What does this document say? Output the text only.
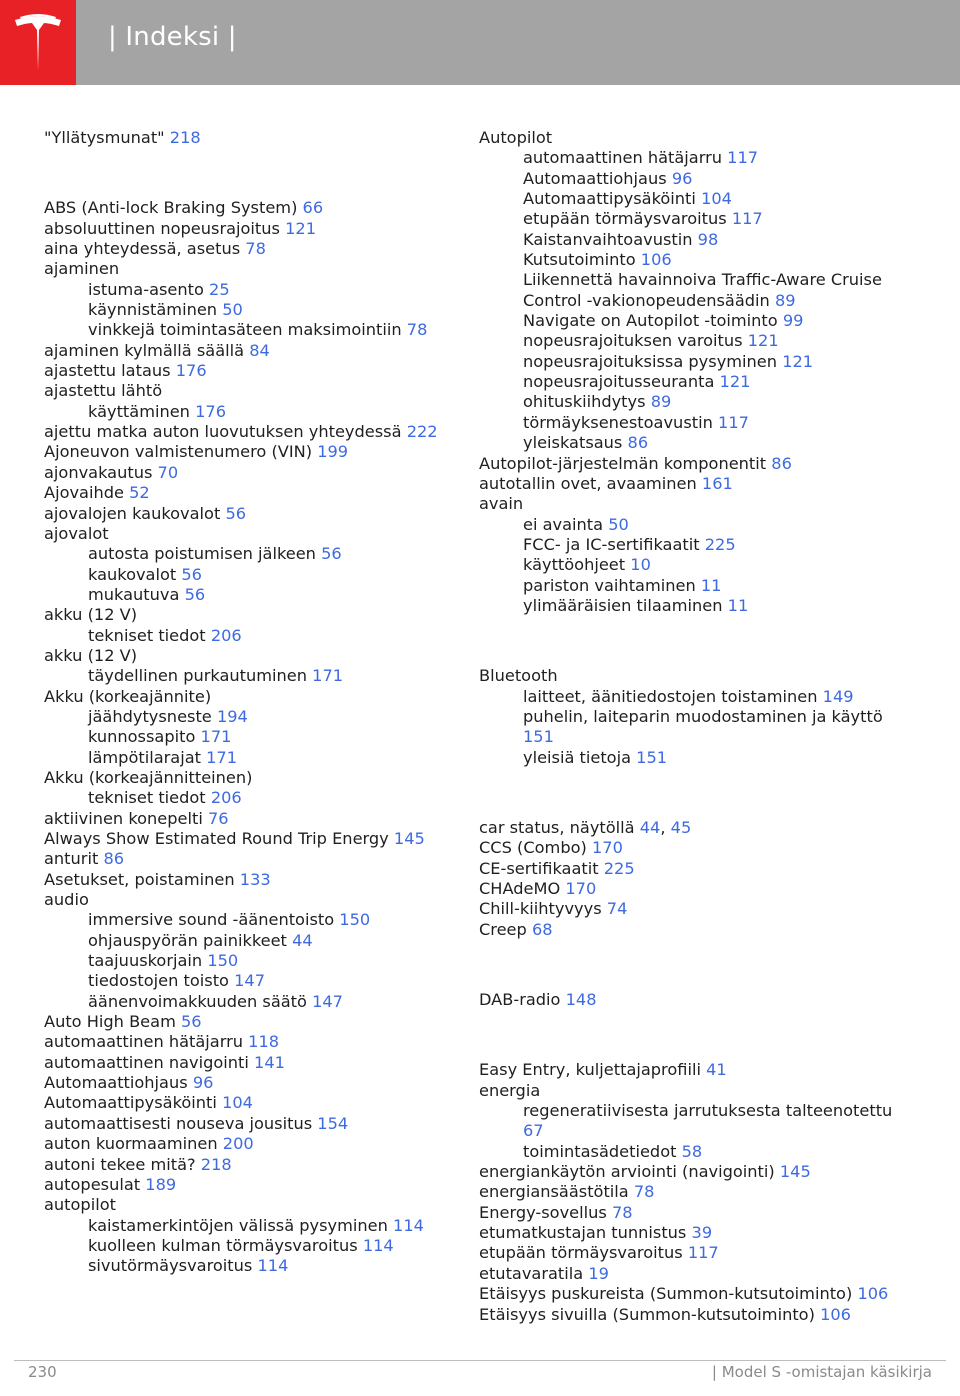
| Indeksi |
"Yllätysmunat" 218
ABS (Anti-lock Braking System) 66
absoluuttinen nopeusrajoitus 121
aina yhteydessä, asetus 78
ajaminen
istuma-asento 25
käynnistäminen 50
vinkkejä toimintasäteen maksimointiin 78
ajaminen kylmällä säällä 84
ajastettu lataus 176
ajastettu lähtö
käyttäminen 176
ajettu matka auton luovutuksen yhteydessä 222
Ajoneuvon valmistenumero (VIN) 199
ajonvakautus 70
Ajovaihde 52
ajovalojen kaukovalot 56
ajovalot
autosta poistumisen jälkeen 56
kaukovalot 56
mukautuva 56
akku (12 V)
tekniset tiedot 206
akku (12 V)
täydellinen purkautuminen 171
Akku (korkeajännite)
jäähdytysneste 194
kunnossapito 171
lämpötilarajat 171
Akku (korkeajännitteinen)
tekniset tiedot 206
aktiivinen konepelti 76
Always Show Estimated Round Trip Energy 145
anturit 86
Asetukset, poistaminen 133
audio
immersive sound -äänentoisto 150
ohjauspyörän painikkeet 44
taajuuskorjain 150
tiedostojen toisto 147
äänenvoimakkuuden säätö 147
Auto High Beam 56
automaattinen hätäjarru 118
automaattinen navigointi 141
Automaattiohjaus 96
Automaattipysäköinti 104
automaattisesti nouseva jousitus 154
auton kuormaaminen 200
autoni tekee mitä? 218
autopesulat 189
autopilot
kaistamerkintöjen välissä pysyminen 114
kuolleen kulman törmäysvaroitus 114
sivutörmäysvaroitus 114
Autopilot
automaattinen hätäjarru 117
Automaattiohjaus 96
Automaattipysäköinti 104
etupään törmäysvaroitus 117
Kaistanvaihtoavustin 98
Kutsutoiminto 106
Liikennettä havainnoiva Traffic-Aware Cruise Control -vakionopeudensäädin 89
Navigate on Autopilot -toiminto 99
nopeusrajoituksen varoitus 121
nopeusrajoituksissa pysyminen 121
nopeusrajoitusseuranta 121
ohituskiihdytys 89
törmäyksenestoavustin 117
yleiskatsaus 86
Autopilot-järjestelmän komponentit 86
autotallin ovet, avaaminen 161
avain
ei avainta 50
FCC- ja IC-sertifikaatit 225
käyttöohjeet 10
pariston vaihtaminen 11
ylimääräisien tilaaminen 11
Bluetooth
laitteet, äänitiedostojen toistaminen 149
puhelin, laiteparin muodostaminen ja käyttö 151
yleisiä tietoja 151
car status, näytöllä 44, 45
CCS (Combo) 170
CE-sertifikaatit 225
CHAdeMO 170
Chill-kiihtyvyys 74
Creep 68
DAB-radio 148
Easy Entry, kuljettajaprofiili 41
energia
regeneratiivisesta jarrutuksesta talteenotettu 67
toimintasädetiedot 58
energiankäytön arviointi (navigointi) 145
energiansäästötila 78
Energy-sovellus 78
etumatkustajan tunnistus 39
etupään törmäysvaroitus 117
etutavaratila 19
Etäisyys puskureista (Summon-kutsutoiminto) 106
Etäisyys sivuilla (Summon-kutsutoiminto) 106
230	| Model S -omistajan käsikirja
